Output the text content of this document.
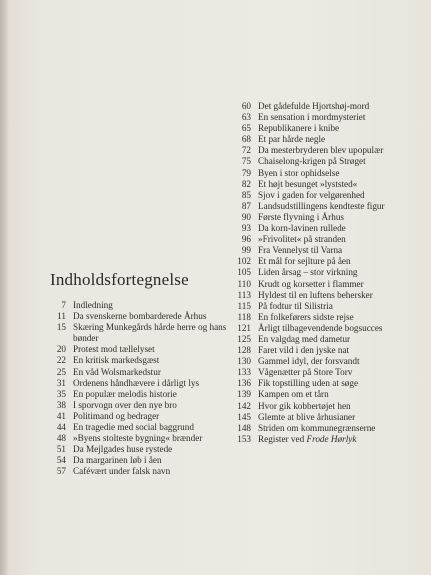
Indholdsfortegnelse
7 Indledning
11 Da svenskerne bombarderede Århus
15 Skæring Munkegårds hårde herre og hans bønder
20 Protest mod tællelyset
22 En kritisk markedsgæst
25 En våd Wolsmarkedstur
31 Ordenens håndhævere i dårligt lys
35 En populær melodis historie
38 I sporvogn over den nye bro
41 Politimand og bedrager
44 En tragedie med social baggrund
48 »Byens stolteste bygning« brænder
51 Da Mejlgades huse rystede
54 Da margarinen løb i åen
57 Cafévært under falsk navn
60 Det gådefulde Hjortshøj-mord
63 En sensation i mordmysteriet
65 Republikanere i knibe
68 Et par hårde negle
72 Da mesterbryderen blev upopulær
75 Chaiselong-krigen på Strøget
79 Byen i stor ophidselse
82 Et højt besunget »lyststed«
85 Sjov i gaden for velgørenhed
87 Landsudstillingens kendteste figur
90 Første flyvning i Århus
93 Da korn-lavinen rullede
96 »Frivolitet« på stranden
99 Fra Vennelyst til Varna
102 Et mål for sejlture på åen
105 Liden årsag – stor virkning
110 Krudt og korsetter i flammer
113 Hyldest til en luftens behersker
115 På fodtur til Silistria
118 En folkeførers sidste rejse
121 Årligt tilbagevendende bogsucces
125 En valgdag med dametur
128 Faret vild i den jyske nat
130 Gammel idyl, der forsvandt
133 Vågenætter på Store Torv
136 Fik topstilling uden at søge
139 Kampen om et tårn
142 Hvor gik kobbertøjet hen
145 Glemte at blive århusianer
148 Striden om kommunegrænserne
153 Register ved Frode Hørlyk
